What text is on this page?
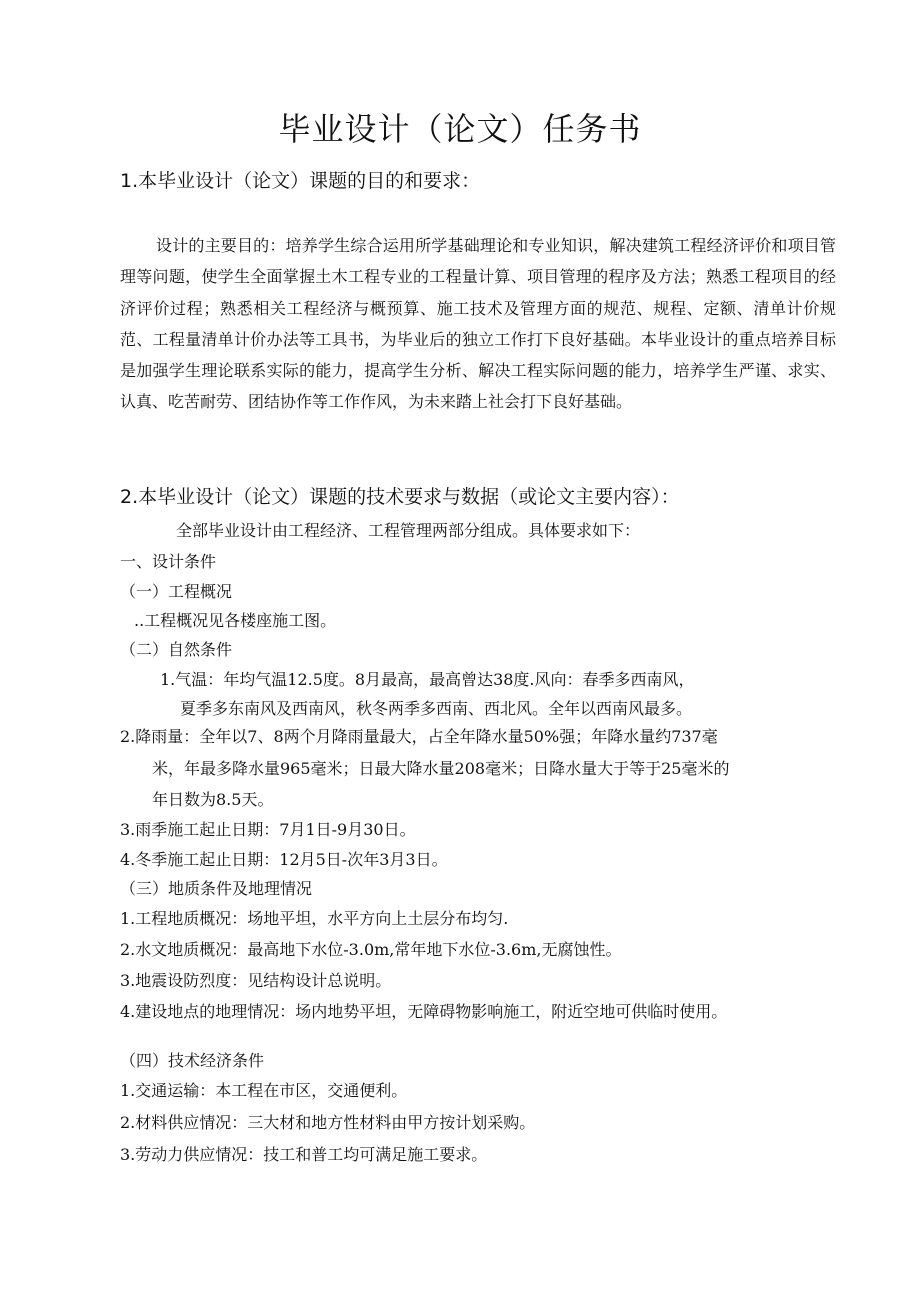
毕业设计（论文）任务书
1.本毕业设计（论文）课题的目的和要求：

设计的主要目的：培养学生综合运用所学基础理论和专业知识，解决建筑工程经济评价和项目管理等问题，使学生全面掌握土木工程专业的工程量计算、项目管理的程序及方法；熟悉工程项目的经济评价过程；熟悉相关工程经济与概预算、施工技术及管理方面的规范、规程、定额、清单计价规范、工程量清单计价办法等工具书，为毕业后的独立工作打下良好基础。本毕业设计的重点培养目标是加强学生理论联系实际的能力，提高学生分析、解决工程实际问题的能力，培养学生严谨、求实、认真、吃苦耐劳、团结协作等工作作风，为未来踏上社会打下良好基础。

2.本毕业设计（论文）课题的技术要求与数据（或论文主要内容）：

全部毕业设计由工程经济、工程管理两部分组成。具体要求如下：

一、设计条件

（一）工程概况

..工程概况见各楼座施工图。

（二）自然条件

1.气温：年均气温12.5度。8月最高，最高曾达38度.风向：春季多西南风，

夏季多东南风及西南风，秋冬两季多西南、西北风。全年以西南风最多。

2.降雨量：全年以7、8两个月降雨量最大，占全年降水量50%强；年降水量约737毫

米，年最多降水量965毫米；日最大降水量208毫米；日降水量大于等于25毫米的

年日数为8.5天。

3.雨季施工起止日期：7月1日-9月30日。

4.冬季施工起止日期：12月5日-次年3月3日。

（三）地质条件及地理情况

1.工程地质概况：场地平坦，水平方向上土层分布均匀.

2.水文地质概况：最高地下水位-3.0m,常年地下水位-3.6m,无腐蚀性。

3.地震设防烈度：见结构设计总说明。

4.建设地点的地理情况：场内地势平坦，无障碍物影响施工，附近空地可供临时使用。

（四）技术经济条件

1.交通运输：本工程在市区，交通便利。

2.材料供应情况：三大材和地方性材料由甲方按计划采购。

3.劳动力供应情况：技工和普工均可满足施工要求。
